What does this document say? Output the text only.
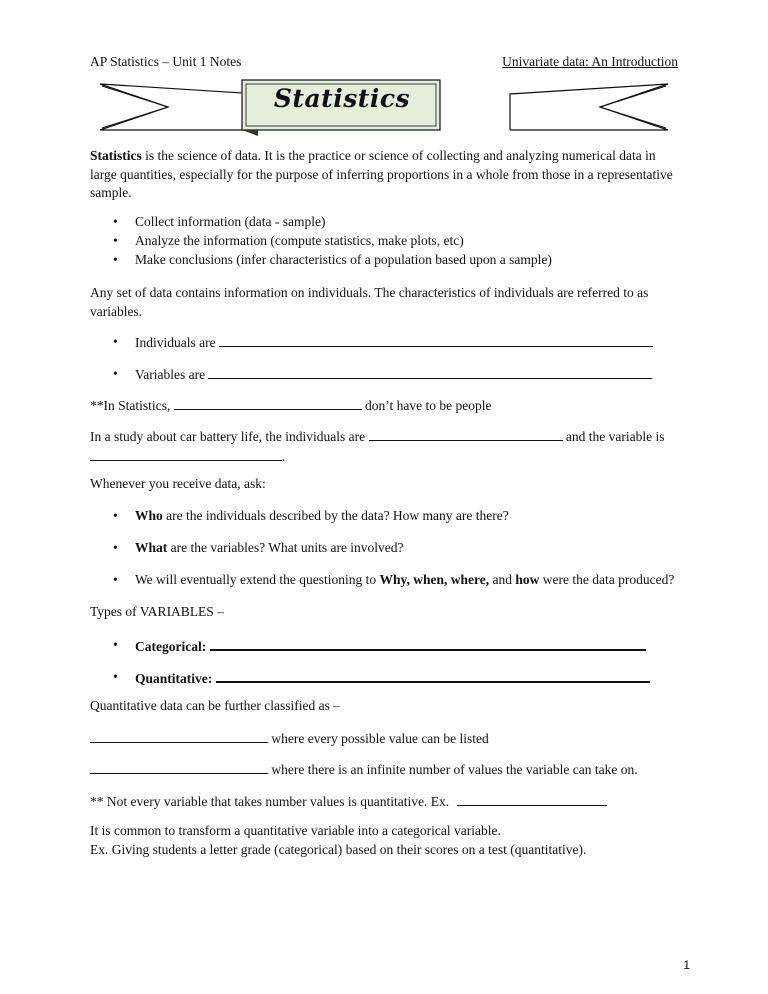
AP Statistics – Unit 1 Notes	Univariate data: An Introduction
Statistics
Statistics is the science of data. It is the practice or science of collecting and analyzing numerical data in
large quantities, especially for the purpose of inferring proportions in a whole from those in a representative
sample.
• Collect information (data - sample)
• Analyze the information (compute statistics, make plots, etc)
• Make conclusions (infer characteristics of a population based upon a sample)
Any set of data contains information on individuals. The characteristics of individuals are referred to as
variables.
• Individuals are
• Variables are
**In Statistics,	don’t have to be people
In a study about car battery life, the individuals are	and the variable is
.
Whenever you receive data, ask:
• Who are the individuals described by the data? How many are there?
• What are the variables? What units are involved?
• We will eventually extend the questioning to Why, when, where, and how were the data produced?
Types of VARIABLES –
• Categorical:
• Quantitative:
Quantitative data can be further classified as –
where every possible value can be listed
where there is an infinite number of values the variable can take on.
** Not every variable that takes number values is quantitative. Ex.
It is common to transform a quantitative variable into a categorical variable.
Ex. Giving students a letter grade (categorical) based on their scores on a test (quantitative).
1
